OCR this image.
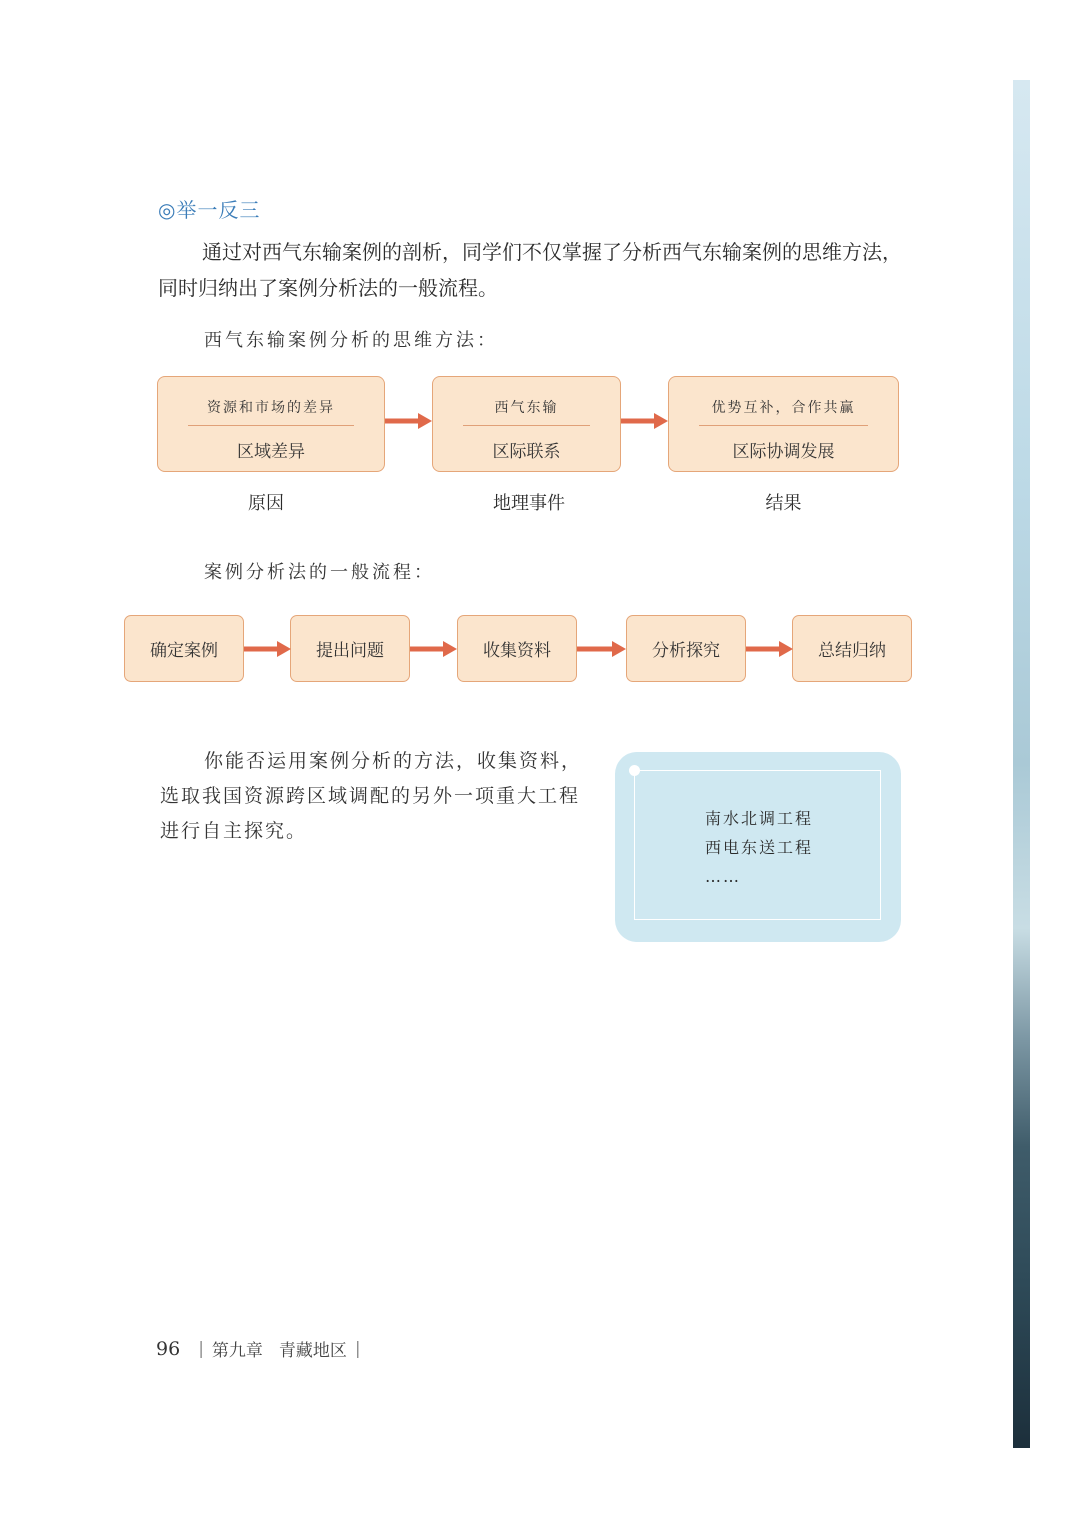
◎举一反三

通过对西气东输案例的剖析，同学们不仅掌握了分析西气东输案例的思维方法，同时归纳出了案例分析法的一般流程。

西气东输案例分析的思维方法：
资源和市场的差异
区域差异
西气东输
区际联系
优势互补，合作共赢
区际协调发展
原因	地理事件	结果
案例分析法的一般流程：
确定案例	提出问题	收集资料	分析探究	总结归纳

你能否运用案例分析的方法，收集资料，选取我国资源跨区域调配的另外一项重大工程进行自主探究。

南水北调工程
西电东送工程
……
96 | 第九章 青藏地区 |
